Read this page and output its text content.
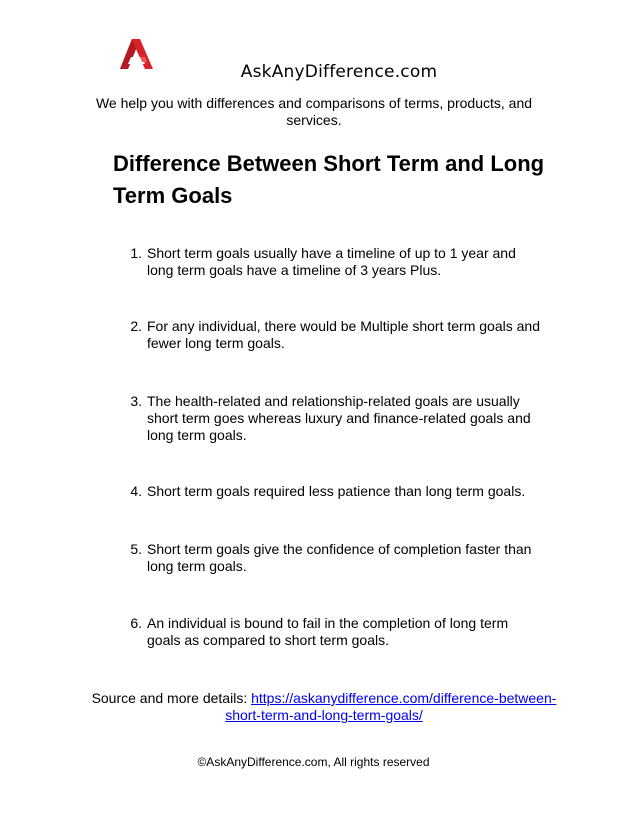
AskAnyDifference.com
We help you with differences and comparisons of terms, products, and services.
Difference Between Short Term and Long Term Goals
1. Short term goals usually have a timeline of up to 1 year and long term goals have a timeline of 3 years Plus.
2. For any individual, there would be Multiple short term goals and fewer long term goals.
3. The health-related and relationship-related goals are usually short term goes whereas luxury and finance-related goals and long term goals.
4. Short term goals required less patience than long term goals.
5. Short term goals give the confidence of completion faster than long term goals.
6. An individual is bound to fail in the completion of long term goals as compared to short term goals.
Source and more details: https://askanydifference.com/difference-between-short-term-and-long-term-goals/
©AskAnyDifference.com, All rights reserved
